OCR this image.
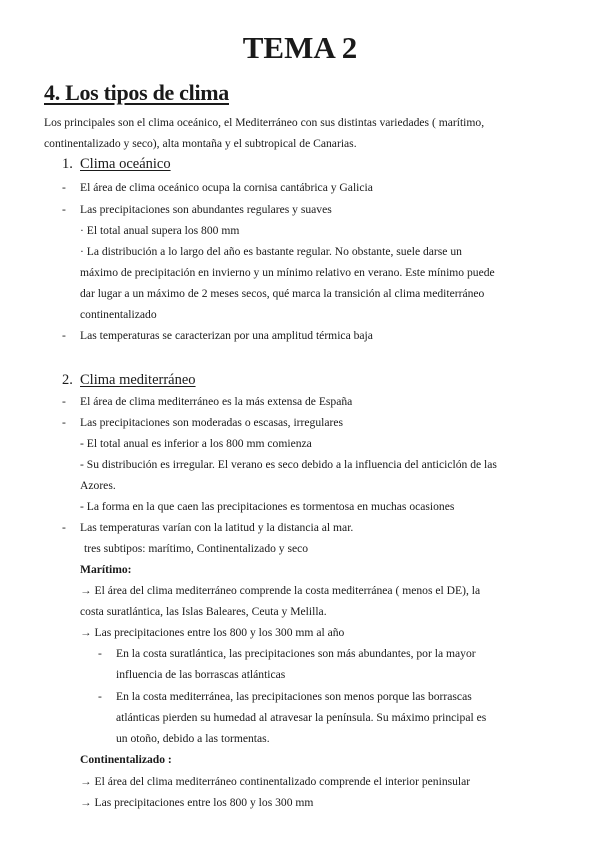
TEMA 2
4. Los tipos de clima
Los principales son el clima oceánico, el Mediterráneo con sus distintas variedades ( marítimo,
continentalizado y seco), alta montaña y el subtropical de Canarias.
1. Clima oceánico
- El área de clima oceánico ocupa la cornisa cantábrica y Galicia
- Las precipitaciones son abundantes regulares y suaves
· El total anual supera los 800 mm
· La distribución a lo largo del año es bastante regular. No obstante, suele darse un
máximo de precipitación en invierno y un mínimo relativo en verano. Este mínimo puede
dar lugar a un máximo de 2 meses secos, qué marca la transición al clima mediterráneo
continentalizado
- Las temperaturas se caracterizan por una amplitud térmica baja
2. Clima mediterráneo
- El área de clima mediterráneo es la más extensa de España
- Las precipitaciones son moderadas o escasas, irregulares
- El total anual es inferior a los 800 mm comienza
- Su distribución es irregular. El verano es seco debido a la influencia del anticiclón de las
Azores.
- La forma en la que caen las precipitaciones es tormentosa en muchas ocasiones
- Las temperaturas varían con la latitud y la distancia al mar.
tres subtipos: marítimo, Continentalizado y seco
Marítimo:
→ El área del clima mediterráneo comprende la costa mediterránea ( menos el DE), la
costa suratlántica, las Islas Baleares, Ceuta y Melilla.
→ Las precipitaciones entre los 800 y los 300 mm al año
- En la costa suratlántica, las precipitaciones son más abundantes, por la mayor
influencia de las borrascas atlánticas
- En la costa mediterránea, las precipitaciones son menos porque las borrascas
atlánticas pierden su humedad al atravesar la península. Su máximo principal es
un otoño, debido a las tormentas.
Continentalizado :
→ El área del clima mediterráneo continentalizado comprende el interior peninsular
→ Las precipitaciones entre los 800 y los 300 mm
